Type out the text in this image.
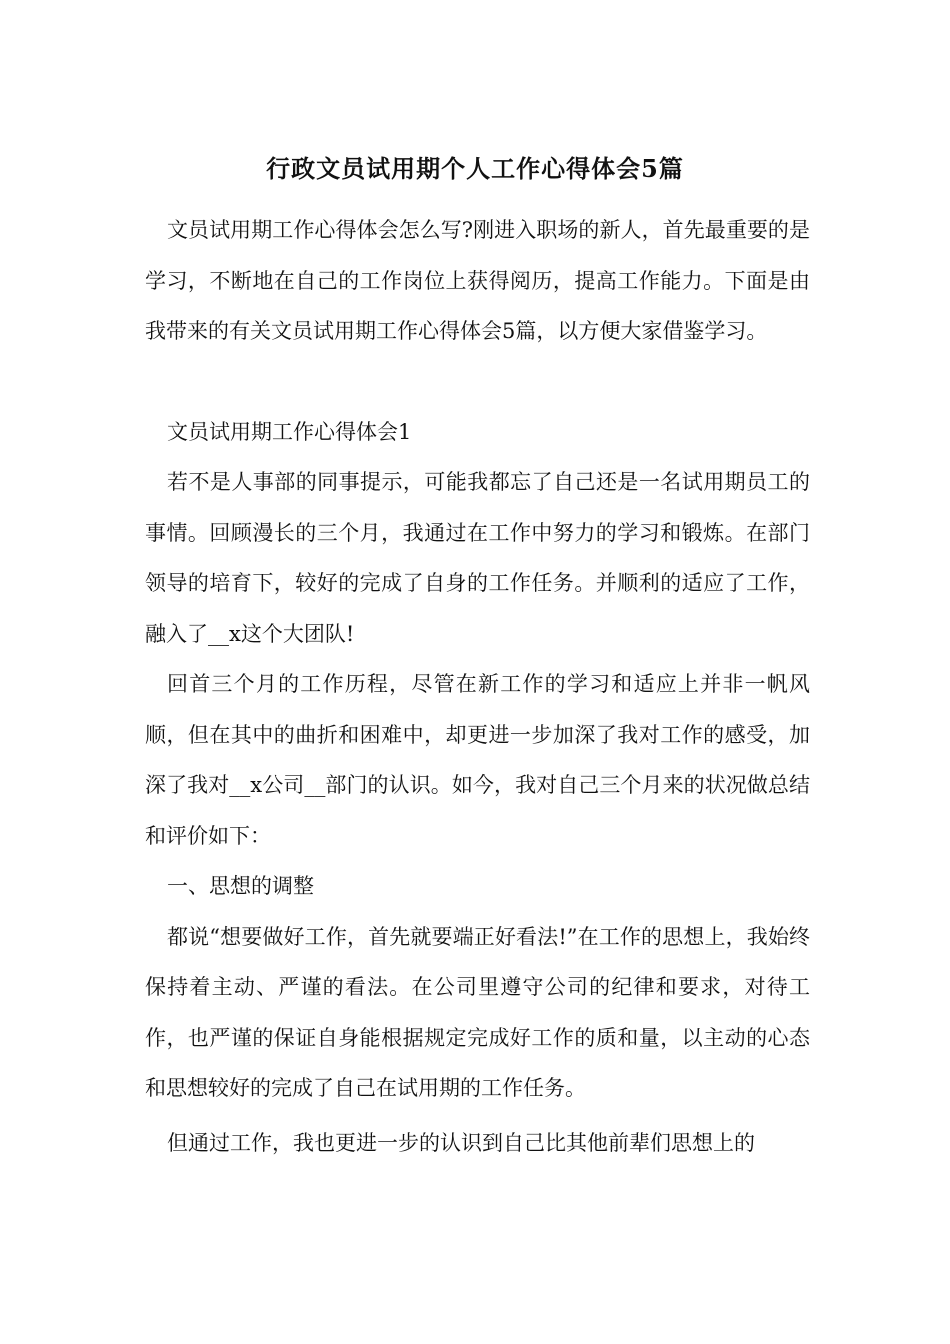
行政文员试用期个人工作心得体会5篇

文员试用期工作心得体会怎么写?刚进入职场的新人，首先最重要的是学习，不断地在自己的工作岗位上获得阅历，提高工作能力。下面是由我带来的有关文员试用期工作心得体会5篇，以方便大家借鉴学习。

文员试用期工作心得体会1

若不是人事部的同事提示，可能我都忘了自己还是一名试用期员工的事情。回顾漫长的三个月，我通过在工作中努力的学习和锻炼。在部门领导的培育下，较好的完成了自身的工作任务。并顺利的适应了工作，融入了__x这个大团队!

回首三个月的工作历程，尽管在新工作的学习和适应上并非一帆风顺，但在其中的曲折和困难中，却更进一步加深了我对工作的感受，加深了我对__x公司__部门的认识。如今，我对自己三个月来的状况做总结和评价如下：

一、思想的调整

都说“想要做好工作，首先就要端正好看法!”在工作的思想上，我始终保持着主动、严谨的看法。在公司里遵守公司的纪律和要求，对待工作，也严谨的保证自身能根据规定完成好工作的质和量，以主动的心态和思想较好的完成了自己在试用期的工作任务。

但通过工作，我也更进一步的认识到自己比其他前辈们思想上的
